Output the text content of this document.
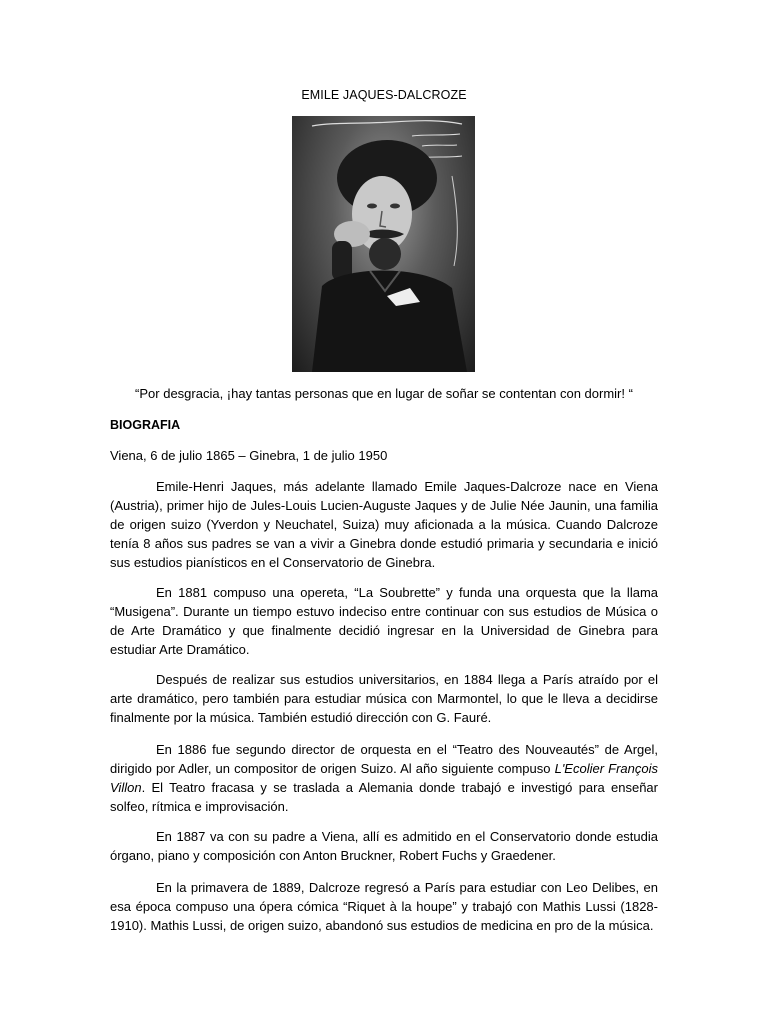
EMILE JAQUES-DALCROZE
“Por desgracia, ¡hay tantas personas que en lugar de soñar se contentan con dormir! “
BIOGRAFIA
Viena, 6 de julio 1865 – Ginebra, 1 de julio 1950

Emile-Henri Jaques, más adelante llamado Emile Jaques-Dalcroze nace en Viena (Austria), primer hijo de Jules-Louis Lucien-Auguste Jaques y de Julie Née Jaunin, una familia de origen suizo (Yverdon y Neuchatel, Suiza) muy aficionada a la música. Cuando Dalcroze tenía 8 años sus padres se van a vivir a Ginebra donde estudió primaria y secundaria e inició sus estudios pianísticos en el Conservatorio de Ginebra.

En 1881 compuso una opereta, “La Soubrette” y funda una orquesta que la llama “Musigena”. Durante un tiempo estuvo indeciso entre continuar con sus estudios de Música o de Arte Dramático y que finalmente decidió ingresar en la Universidad de Ginebra para estudiar Arte Dramático.

Después de realizar sus estudios universitarios, en 1884 llega a París atraído por el arte dramático, pero también para estudiar música con Marmontel, lo que le lleva a decidirse finalmente por la música. También estudió dirección con G. Fauré.

En 1886 fue segundo director de orquesta en el “Teatro des Nouveautés” de Argel, dirigido por Adler, un compositor de origen Suizo. Al año siguiente compuso L'Ecolier François Villon. El Teatro fracasa y se traslada a Alemania donde trabajó e investigó para enseñar solfeo, rítmica e improvisación.

En 1887 va con su padre a Viena, allí es admitido en el Conservatorio donde estudia órgano, piano y composición con Anton Bruckner, Robert Fuchs y Graedener.

En la primavera de 1889, Dalcroze regresó a París para estudiar con Leo Delibes, en esa época compuso una ópera cómica “Riquet à la houpe” y trabajó con Mathis Lussi (1828-1910). Mathis Lussi, de origen suizo, abandonó sus estudios de medicina en pro de la música.
